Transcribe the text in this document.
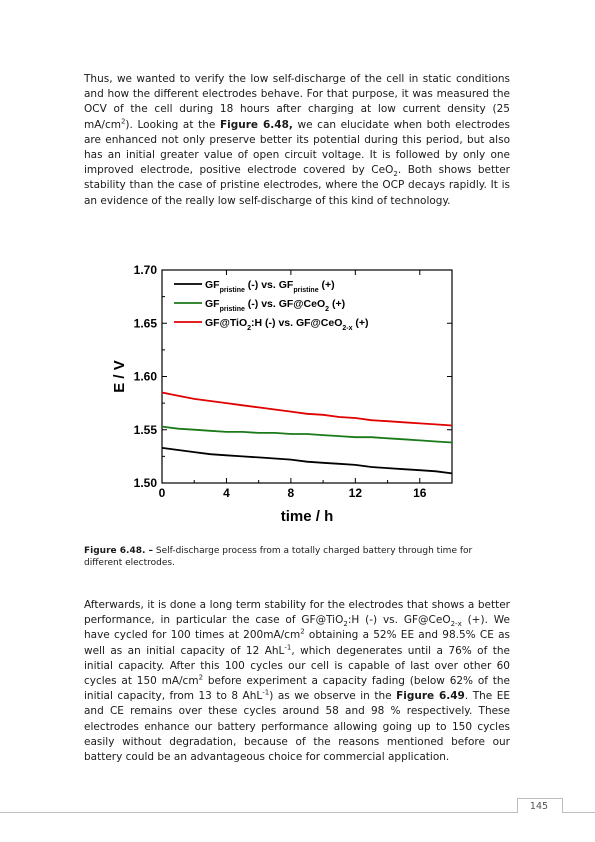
Thus, we wanted to verify the low self-discharge of the cell in static conditions and how the different electrodes behave. For that purpose, it was measured the OCV of the cell during 18 hours after charging at low current density (25 $mA/cm^2$). Looking at the Figure 6.48, we can elucidate when both electrodes are enhanced not only preserve better its potential during this period, but also has an initial greater value of open circuit voltage. It is followed by only one improved electrode, positive electrode covered by CeO$_2$. Both shows better stability than the case of pristine electrodes, where the OCP decays rapidly. It is an evidence of the really low self-discharge of this kind of technology.

0	4	8	12	16
1.50
1.55
1.60
1.65
1.70
time / h
E / V
$GF_{pristine}$ (-) vs. $GF_{pristine}$ (+)
$GF_{pristine}$ (-) vs. GF@CeO$_2$ (+)
GF@TiO$_2$:H (-) vs. GF@CeO$_{2-x}$ (+)

Figure 6.48. – Self-discharge process from a totally charged battery through time for different electrodes.

Afterwards, it is done a long term stability for the electrodes that shows a better performance, in particular the case of GF@TiO$_2$:H (-) vs. GF@CeO$_{2-x}$ (+). We have cycled for 100 times at $200mA/cm^2$ obtaining a 52% EE and 98.5% CE as well as an initial capacity of 12 AhL$^{-1}$, which degenerates until a 76% of the initial capacity. After this 100 cycles our cell is capable of last over other 60 cycles at 150 $mA/cm^2$ before experiment a capacity fading (below 62% of the initial capacity, from 13 to 8 AhL$^{-1}$) as we observe in the Figure 6.49. The EE and CE remains over these cycles around 58 and 98 % respectively. These electrodes enhance our battery performance allowing going up to 150 cycles easily without degradation, because of the reasons mentioned before our battery could be an advantageous choice for commercial application.

145
